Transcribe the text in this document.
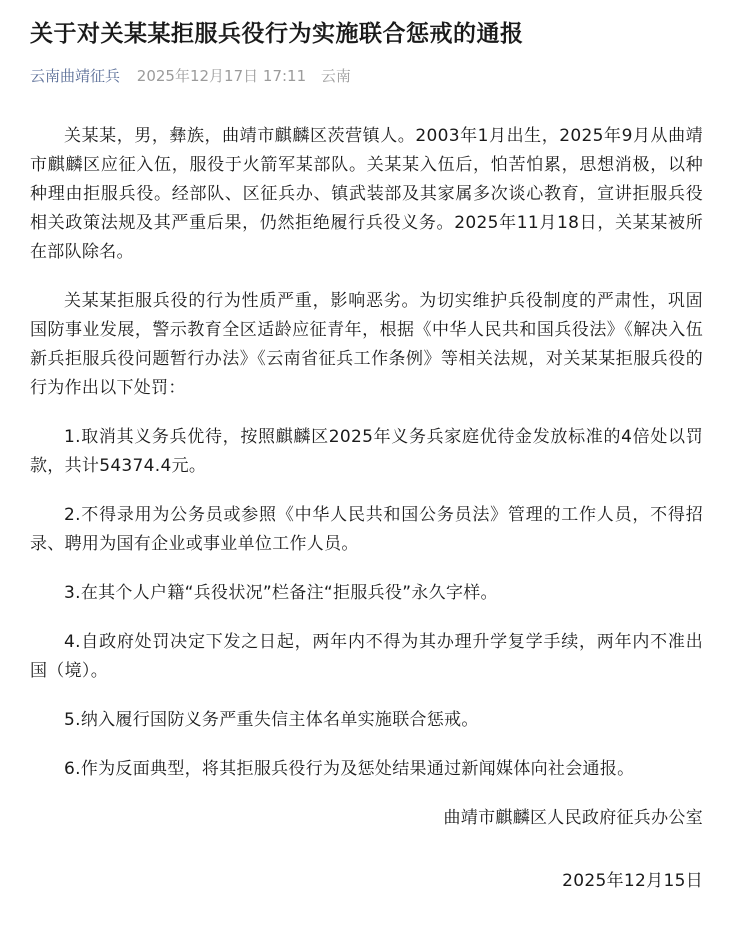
关于对关某某拒服兵役行为实施联合惩戒的通报
云南曲靖征兵 2025年12月17日 17:11 云南

关某某，男，彝族，曲靖市麒麟区茨营镇人。2003年1月出生，2025年9月从曲靖市麒麟区应征入伍，服役于火箭军某部队。关某某入伍后，怕苦怕累，思想消极，以种种理由拒服兵役。经部队、区征兵办、镇武装部及其家属多次谈心教育，宣讲拒服兵役相关政策法规及其严重后果，仍然拒绝履行兵役义务。2025年11月18日，关某某被所在部队除名。

关某某拒服兵役的行为性质严重，影响恶劣。为切实维护兵役制度的严肃性，巩固国防事业发展，警示教育全区适龄应征青年，根据《中华人民共和国兵役法》《解决入伍新兵拒服兵役问题暂行办法》《云南省征兵工作条例》等相关法规，对关某某拒服兵役的行为作出以下处罚：

1.取消其义务兵优待，按照麒麟区2025年义务兵家庭优待金发放标准的4倍处以罚款，共计54374.4元。

2.不得录用为公务员或参照《中华人民共和国公务员法》管理的工作人员，不得招录、聘用为国有企业或事业单位工作人员。

3.在其个人户籍“兵役状况”栏备注“拒服兵役”永久字样。

4.自政府处罚决定下发之日起，两年内不得为其办理升学复学手续，两年内不准出国（境）。

5.纳入履行国防义务严重失信主体名单实施联合惩戒。

6.作为反面典型，将其拒服兵役行为及惩处结果通过新闻媒体向社会通报。

曲靖市麒麟区人民政府征兵办公室

2025年12月15日
